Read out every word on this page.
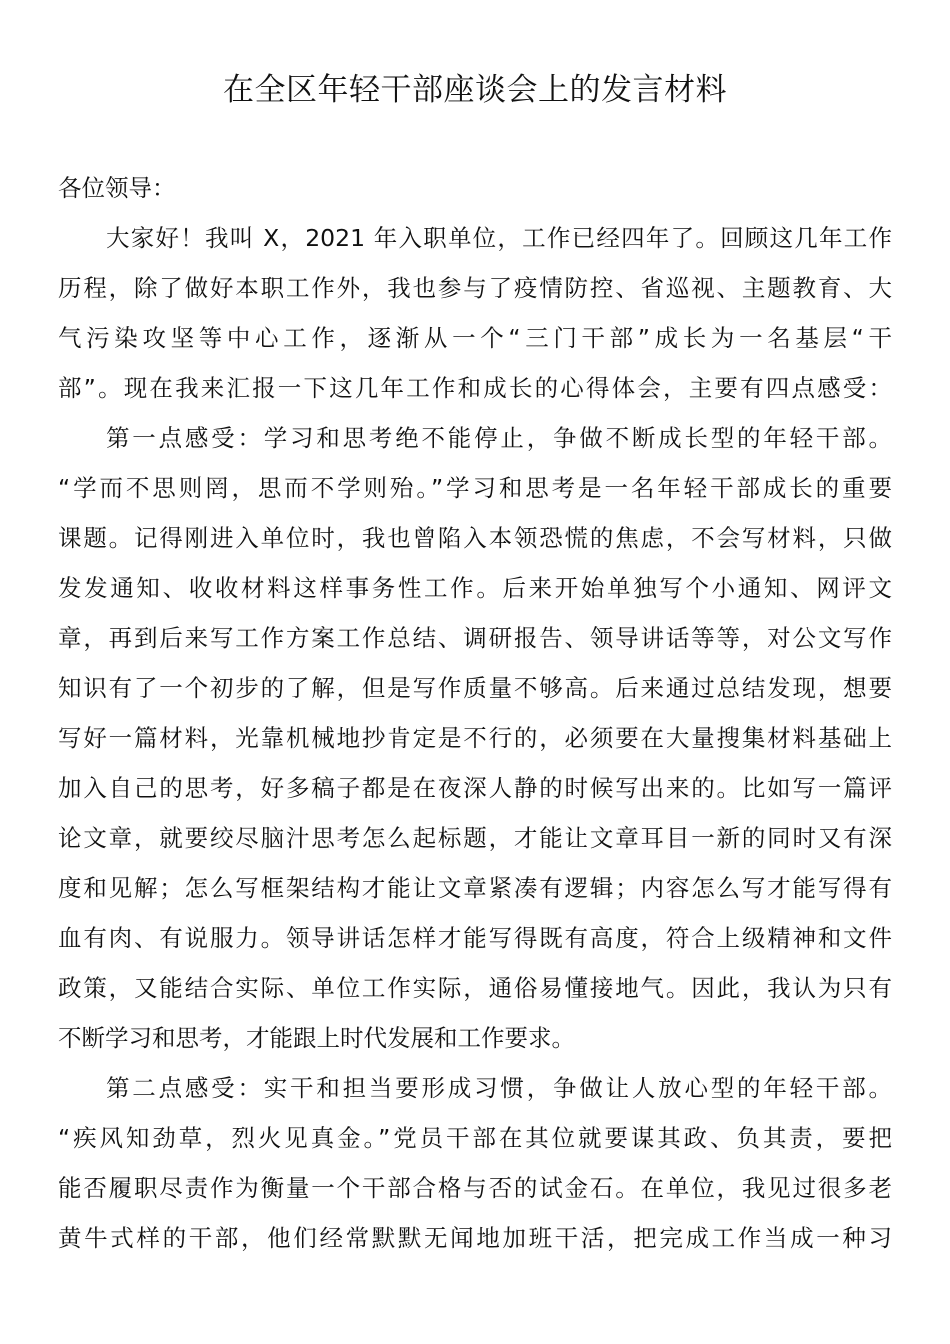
在全区年轻干部座谈会上的发言材料
各位领导：
大家好！我叫 X，2021 年入职单位，工作已经四年了。回顾这几年工作
历程，除了做好本职工作外，我也参与了疫情防控、省巡视、主题教育、大
气污染攻坚等中心工作，逐渐从一个“三门干部”成长为一名基层“干
部”。现在我来汇报一下这几年工作和成长的心得体会，主要有四点感受：
第一点感受：学习和思考绝不能停止，争做不断成长型的年轻干部。
“学而不思则罔，思而不学则殆。”学习和思考是一名年轻干部成长的重要
课题。记得刚进入单位时，我也曾陷入本领恐慌的焦虑，不会写材料，只做
发发通知、收收材料这样事务性工作。后来开始单独写个小通知、网评文
章，再到后来写工作方案工作总结、调研报告、领导讲话等等，对公文写作
知识有了一个初步的了解，但是写作质量不够高。后来通过总结发现，想要
写好一篇材料，光靠机械地抄肯定是不行的，必须要在大量搜集材料基础上
加入自己的思考，好多稿子都是在夜深人静的时候写出来的。比如写一篇评
论文章，就要绞尽脑汁思考怎么起标题，才能让文章耳目一新的同时又有深
度和见解；怎么写框架结构才能让文章紧凑有逻辑；内容怎么写才能写得有
血有肉、有说服力。领导讲话怎样才能写得既有高度，符合上级精神和文件
政策，又能结合实际、单位工作实际，通俗易懂接地气。因此，我认为只有
不断学习和思考，才能跟上时代发展和工作要求。
第二点感受：实干和担当要形成习惯，争做让人放心型的年轻干部。
“疾风知劲草，烈火见真金。”党员干部在其位就要谋其政、负其责，要把
能否履职尽责作为衡量一个干部合格与否的试金石。在单位，我见过很多老
黄牛式样的干部，他们经常默默无闻地加班干活，把完成工作当成一种习
